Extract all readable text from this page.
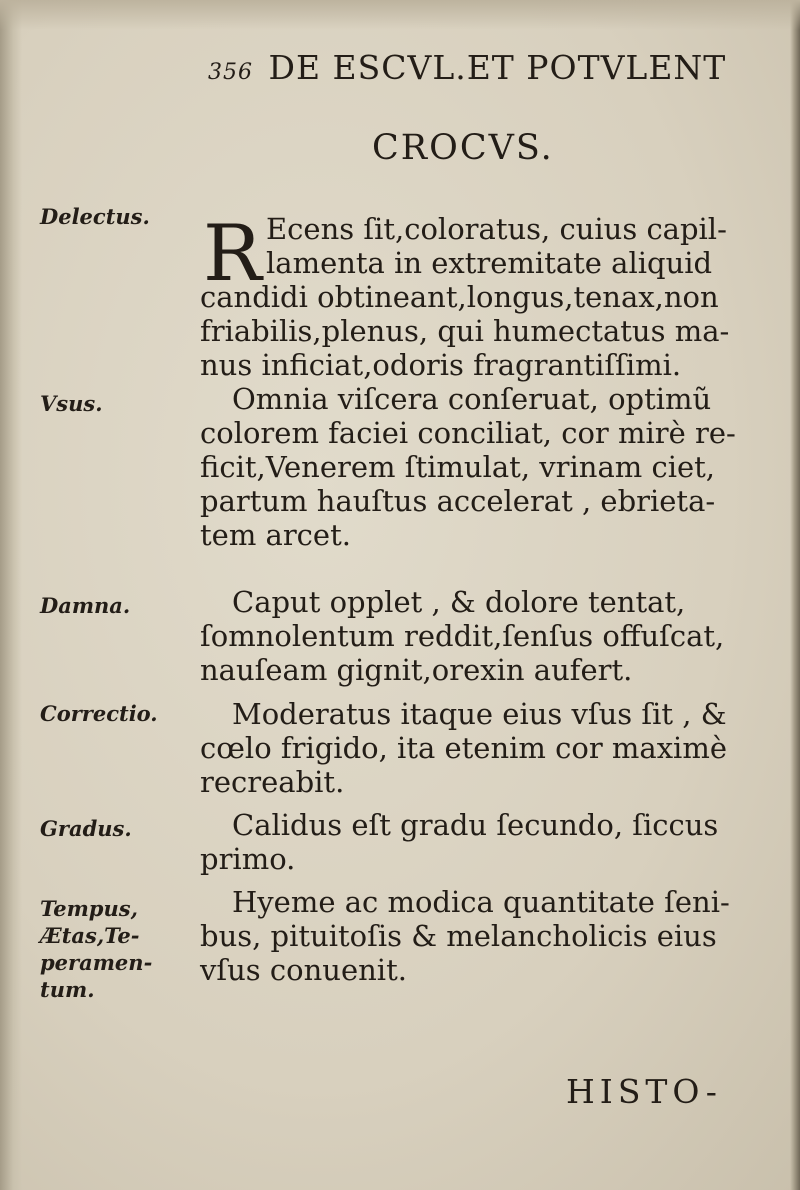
356 DE ESCVL.ET POTVLENT
CROCVS.
Delectus.
Vsus.
Damna.
Correctio.
Gradus.
Tempus,
Ætas,Te-
peramen-
tum.
R Ecens ſit,coloratus, cuius capil-
lamenta in extremitate aliquid
candidi obtineant,longus,tenax,non
friabilis,plenus, qui humectatus ma-
nus inficiat,odoris fragrantiſſimi.
Omnia viſcera conſeruat, optimũ
colorem faciei conciliat, cor mirè re-
ficit,Venerem ſtimulat, vrinam ciet,
partum hauſtus accelerat , ebrieta-
tem arcet.
Caput opplet , & dolore tentat,
ſomnolentum reddit,ſenſus offuſcat,
nauſeam gignit,orexin aufert.
Moderatus itaque eius vſus ſit , &
cœlo frigido, ita etenim cor maximè
recreabit.
Calidus eſt gradu ſecundo, ſiccus
primo.
Hyeme ac modica quantitate ſeni-
bus, pituitoſis & melancholicis eius
vſus conuenit.
HISTO-
